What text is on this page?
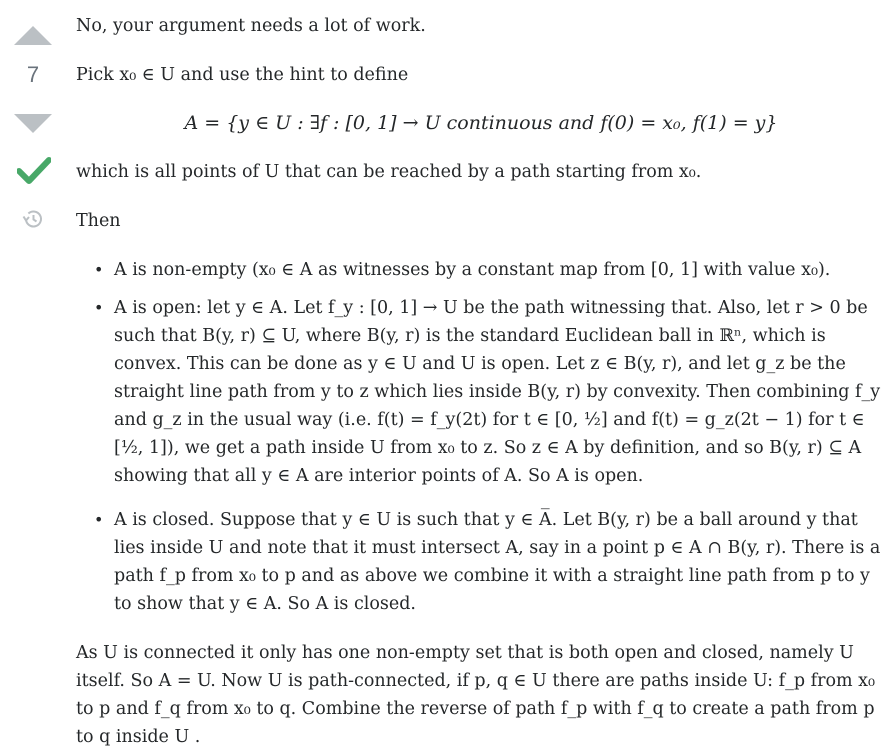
7

No, your argument needs a lot of work.

Pick x₀ ∈ U and use the hint to define

A = {y ∈ U : ∃f : [0, 1] → U continuous and f(0) = x₀, f(1) = y}

which is all points of U that can be reached by a path starting from x₀.

Then

• A is non-empty (x₀ ∈ A as witnesses by a constant map from [0, 1] with value x₀).
• A is open: let y ∈ A. Let f_y : [0, 1] → U be the path witnessing that. Also, let r > 0 be such that B(y, r) ⊆ U, where B(y, r) is the standard Euclidean ball in ℝⁿ, which is convex. This can be done as y ∈ U and U is open. Let z ∈ B(y, r), and let g_z be the straight line path from y to z which lies inside B(y, r) by convexity. Then combining f_y and g_z in the usual way (i.e. f(t) = f_y(2t) for t ∈ [0, ½] and f(t) = g_z(2t − 1) for t ∈ [½, 1]), we get a path inside U from x₀ to z. So z ∈ A by definition, and so B(y, r) ⊆ A showing that all y ∈ A are interior points of A. So A is open.
• A is closed. Suppose that y ∈ U is such that y ∈ A̅. Let B(y, r) be a ball around y that lies inside U and note that it must intersect A, say in a point p ∈ A ∩ B(y, r). There is a path f_p from x₀ to p and as above we combine it with a straight line path from p to y to show that y ∈ A. So A is closed.

As U is connected it only has one non-empty set that is both open and closed, namely U itself. So A = U. Now U is path-connected, if p, q ∈ U there are paths inside U: f_p from x₀ to p and f_q from x₀ to q. Combine the reverse of path f_p with f_q to create a path from p to q inside U .
